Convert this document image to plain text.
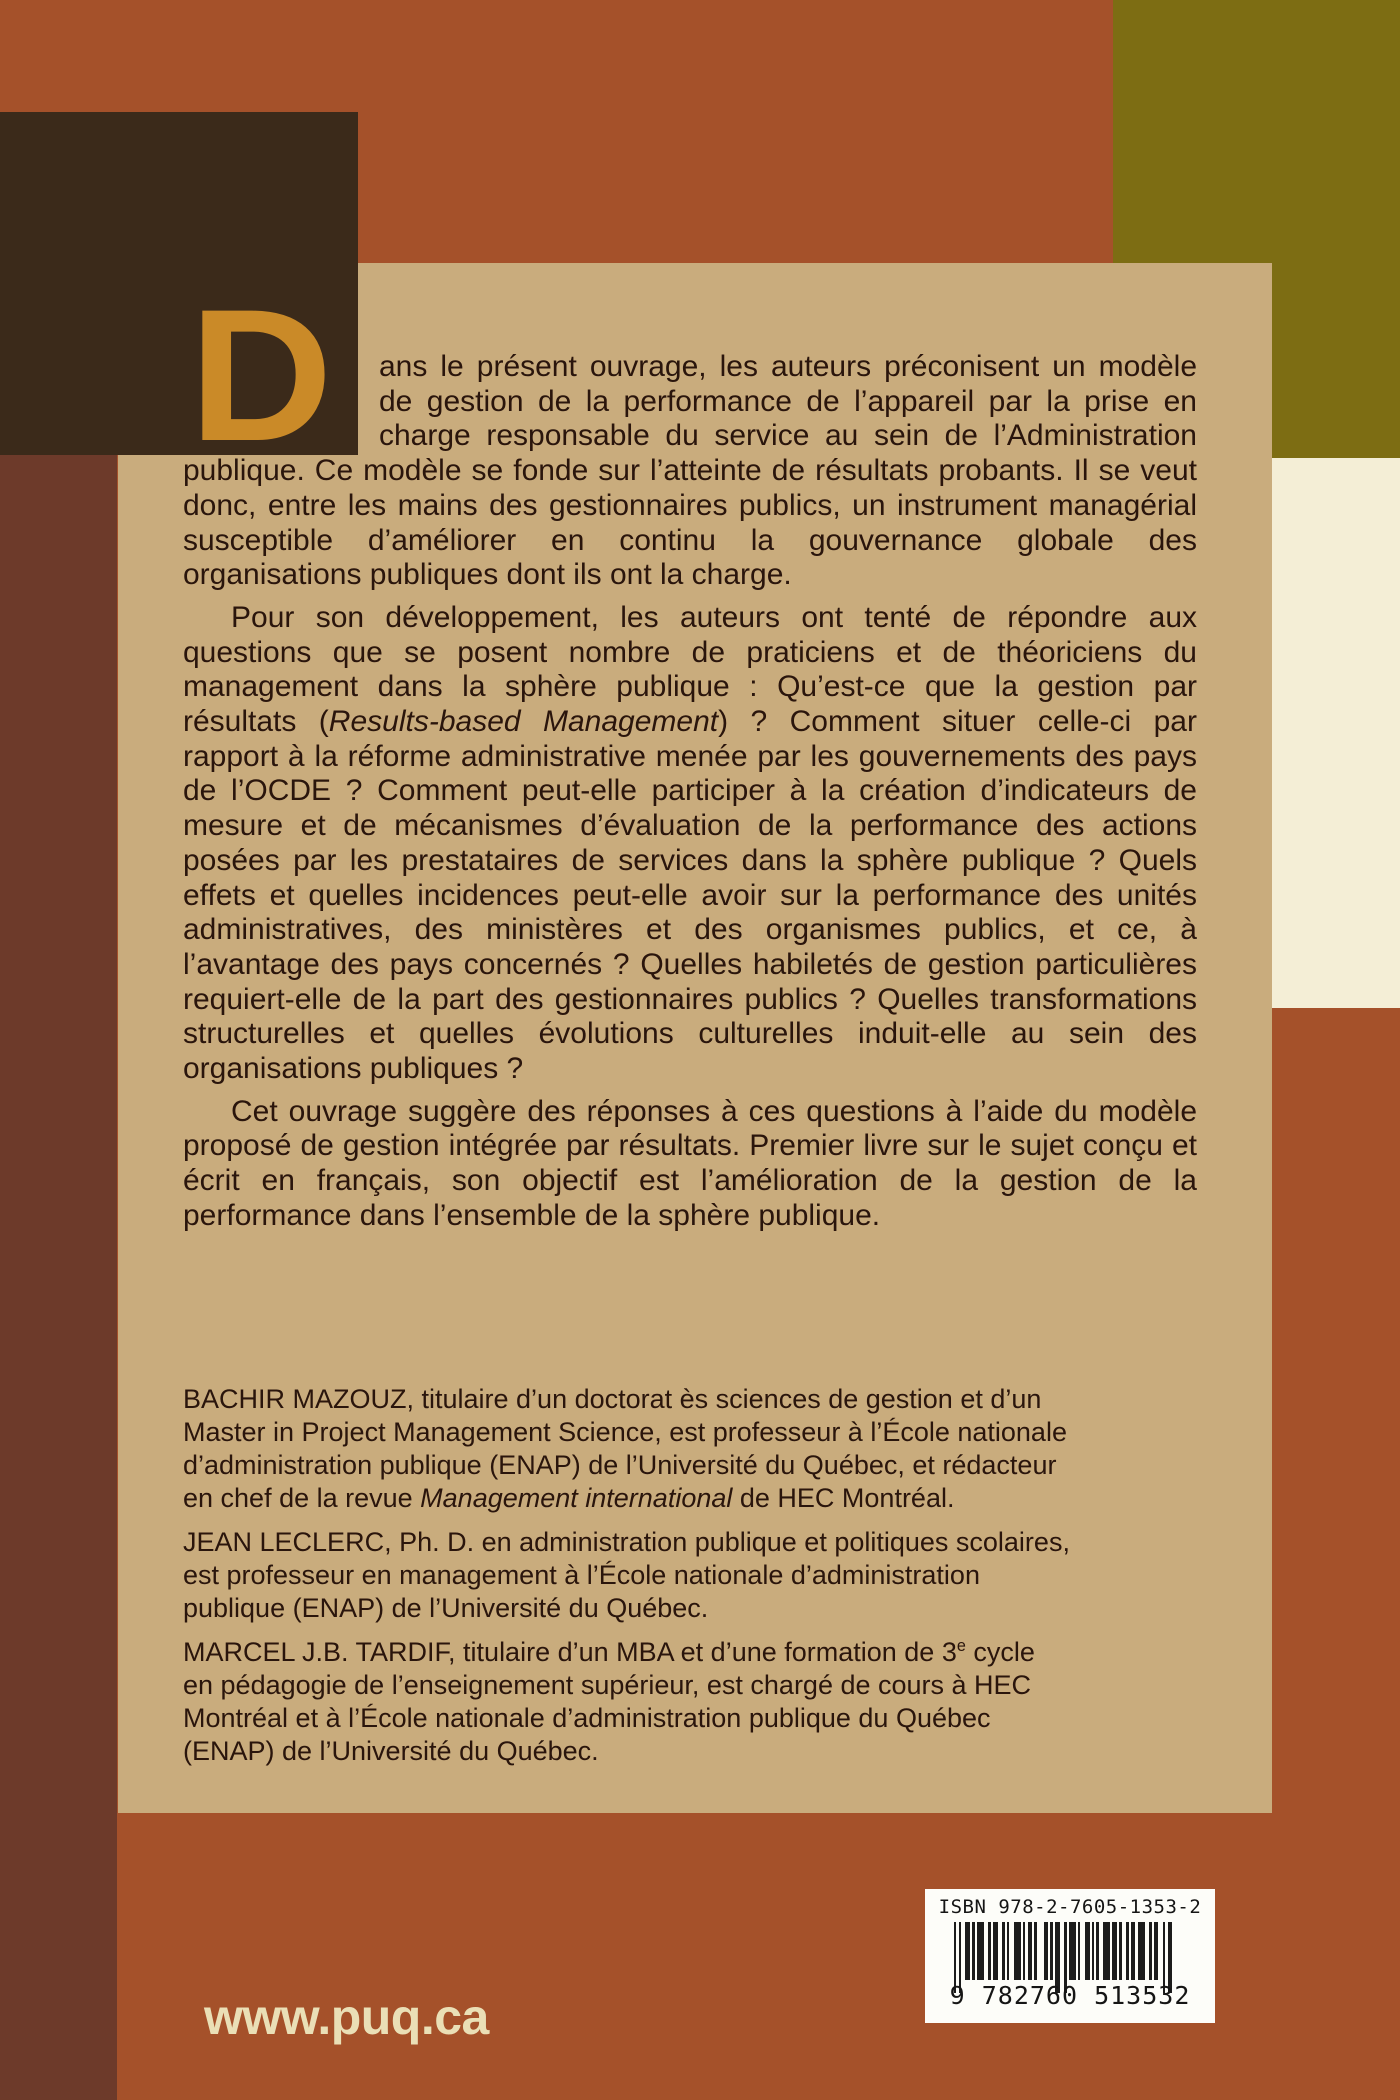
D	ans le présent ouvrage, les auteurs préconisent un modèle de gestion de la performance de l’appareil par la prise en charge responsable du service au sein de l’Administration publique. Ce modèle se fonde sur l’atteinte de résultats probants. Il se veut donc, entre les mains des gestionnaires publics, un instrument managérial susceptible d’améliorer en continu la gouvernance globale des organisations publiques dont ils ont la charge.

Pour son développement, les auteurs ont tenté de répondre aux questions que se posent nombre de praticiens et de théoriciens du management dans la sphère publique : Qu’est-ce que la gestion par résultats (Results-based Management) ? Comment situer celle-ci par rapport à la réforme administrative menée par les gouvernements des pays de l’OCDE ? Comment peut-elle participer à la création d’indicateurs de mesure et de mécanismes d’évaluation de la performance des actions posées par les prestataires de services dans la sphère publique ? Quels effets et quelles incidences peut-elle avoir sur la performance des unités administratives, des ministères et des organismes publics, et ce, à l’avantage des pays concernés ? Quelles habiletés de gestion particulières requiert-elle de la part des gestionnaires publics ? Quelles transformations structurelles et quelles évolutions culturelles induit-elle au sein des organisations publiques ?

Cet ouvrage suggère des réponses à ces questions à l’aide du modèle proposé de gestion intégrée par résultats. Premier livre sur le sujet conçu et écrit en français, son objectif est l’amélioration de la gestion de la performance dans l’ensemble de la sphère publique.

BACHIR MAZOUZ, titulaire d’un doctorat ès sciences de gestion et d’un
Master in Project Management Science, est professeur à l’École nationale
d’administration publique (ENAP) de l’Université du Québec, et rédacteur
en chef de la revue Management international de HEC Montréal.

JEAN LECLERC, Ph. D. en administration publique et politiques scolaires,
est professeur en management à l’École nationale d’administration
publique (ENAP) de l’Université du Québec.

MARCEL J.B. TARDIF, titulaire d’un MBA et d’une formation de 3e cycle
en pédagogie de l’enseignement supérieur, est chargé de cours à HEC
Montréal et à l’École nationale d’administration publique du Québec
(ENAP) de l’Université du Québec.

www.puq.ca
ISBN 978-2-7605-1353-2
9 782760 513532
